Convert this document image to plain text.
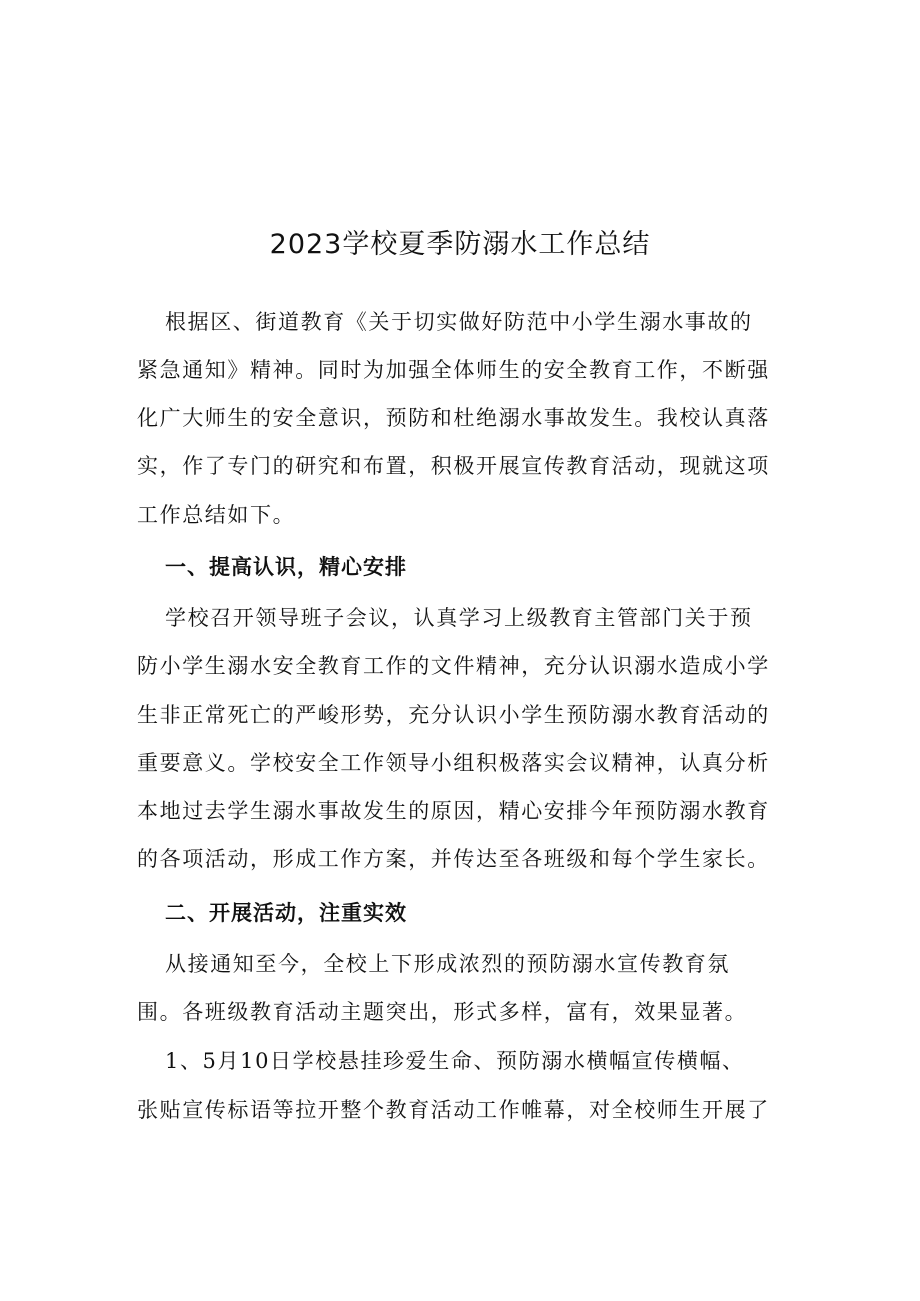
2023学校夏季防溺水工作总结
根据区、街道教育《关于切实做好防范中小学生溺水事故的
紧急通知》精神。同时为加强全体师生的安全教育工作，不断强
化广大师生的安全意识，预防和杜绝溺水事故发生。我校认真落
实，作了专门的研究和布置，积极开展宣传教育活动，现就这项
工作总结如下。
一、提高认识，精心安排
学校召开领导班子会议，认真学习上级教育主管部门关于预
防小学生溺水安全教育工作的文件精神，充分认识溺水造成小学
生非正常死亡的严峻形势，充分认识小学生预防溺水教育活动的
重要意义。学校安全工作领导小组积极落实会议精神，认真分析
本地过去学生溺水事故发生的原因，精心安排今年预防溺水教育
的各项活动，形成工作方案，并传达至各班级和每个学生家长。
二、开展活动，注重实效
从接通知至今，全校上下形成浓烈的预防溺水宣传教育氛
围。各班级教育活动主题突出，形式多样，富有，效果显著。
1、5月10日学校悬挂珍爱生命、预防溺水横幅宣传横幅、
张贴宣传标语等拉开整个教育活动工作帷幕，对全校师生开展了
